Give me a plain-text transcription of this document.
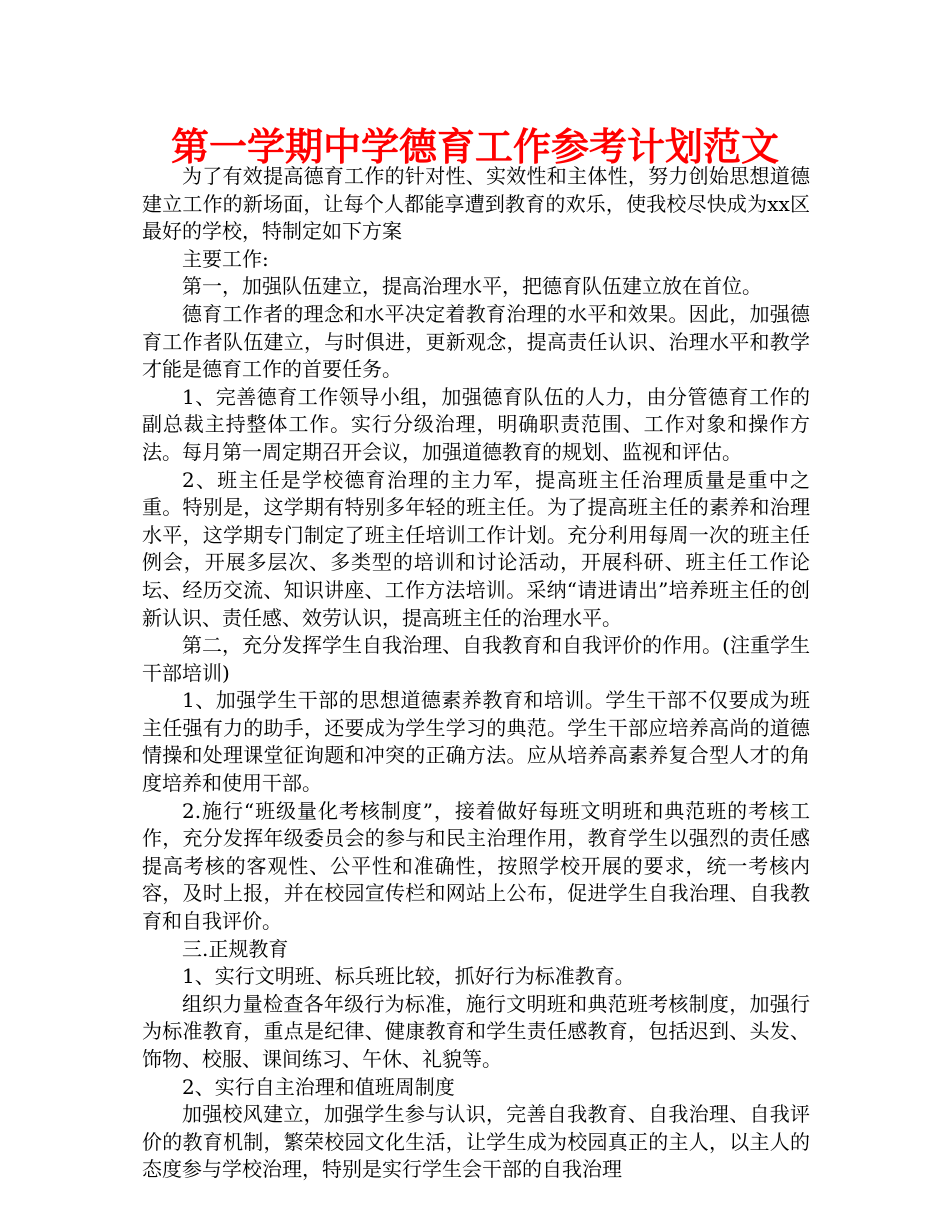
第一学期中学德育工作参考计划范文

为了有效提高德育工作的针对性、实效性和主体性，努力创始思想道德建立工作的新场面，让每个人都能享遭到教育的欢乐，使我校尽快成为xx区最好的学校，特制定如下方案

主要工作:

第一，加强队伍建立，提高治理水平，把德育队伍建立放在首位。

德育工作者的理念和水平决定着教育治理的水平和效果。因此，加强德育工作者队伍建立，与时俱进，更新观念，提高责任认识、治理水平和教学才能是德育工作的首要任务。

1、完善德育工作领导小组，加强德育队伍的人力，由分管德育工作的副总裁主持整体工作。实行分级治理，明确职责范围、工作对象和操作方法。每月第一周定期召开会议，加强道德教育的规划、监视和评估。

2、班主任是学校德育治理的主力军，提高班主任治理质量是重中之重。特别是，这学期有特别多年轻的班主任。为了提高班主任的素养和治理水平，这学期专门制定了班主任培训工作计划。充分利用每周一次的班主任例会，开展多层次、多类型的培训和讨论活动，开展科研、班主任工作论坛、经历交流、知识讲座、工作方法培训。采纳“请进请出”培养班主任的创新认识、责任感、效劳认识，提高班主任的治理水平。

第二，充分发挥学生自我治理、自我教育和自我评价的作用。(注重学生干部培训)

1、加强学生干部的思想道德素养教育和培训。学生干部不仅要成为班主任强有力的助手，还要成为学生学习的典范。学生干部应培养高尚的道德情操和处理课堂征询题和冲突的正确方法。应从培养高素养复合型人才的角度培养和使用干部。

2.施行“班级量化考核制度”，接着做好每班文明班和典范班的考核工作，充分发挥年级委员会的参与和民主治理作用，教育学生以强烈的责任感提高考核的客观性、公平性和准确性，按照学校开展的要求，统一考核内容，及时上报，并在校园宣传栏和网站上公布，促进学生自我治理、自我教育和自我评价。

三.正规教育

1、实行文明班、标兵班比较，抓好行为标准教育。

组织力量检查各年级行为标准，施行文明班和典范班考核制度，加强行为标准教育，重点是纪律、健康教育和学生责任感教育，包括迟到、头发、饰物、校服、课间练习、午休、礼貌等。

2、实行自主治理和值班周制度

加强校风建立，加强学生参与认识，完善自我教育、自我治理、自我评价的教育机制，繁荣校园文化生活，让学生成为校园真正的主人，以主人的态度参与学校治理，特别是实行学生会干部的自我治理
